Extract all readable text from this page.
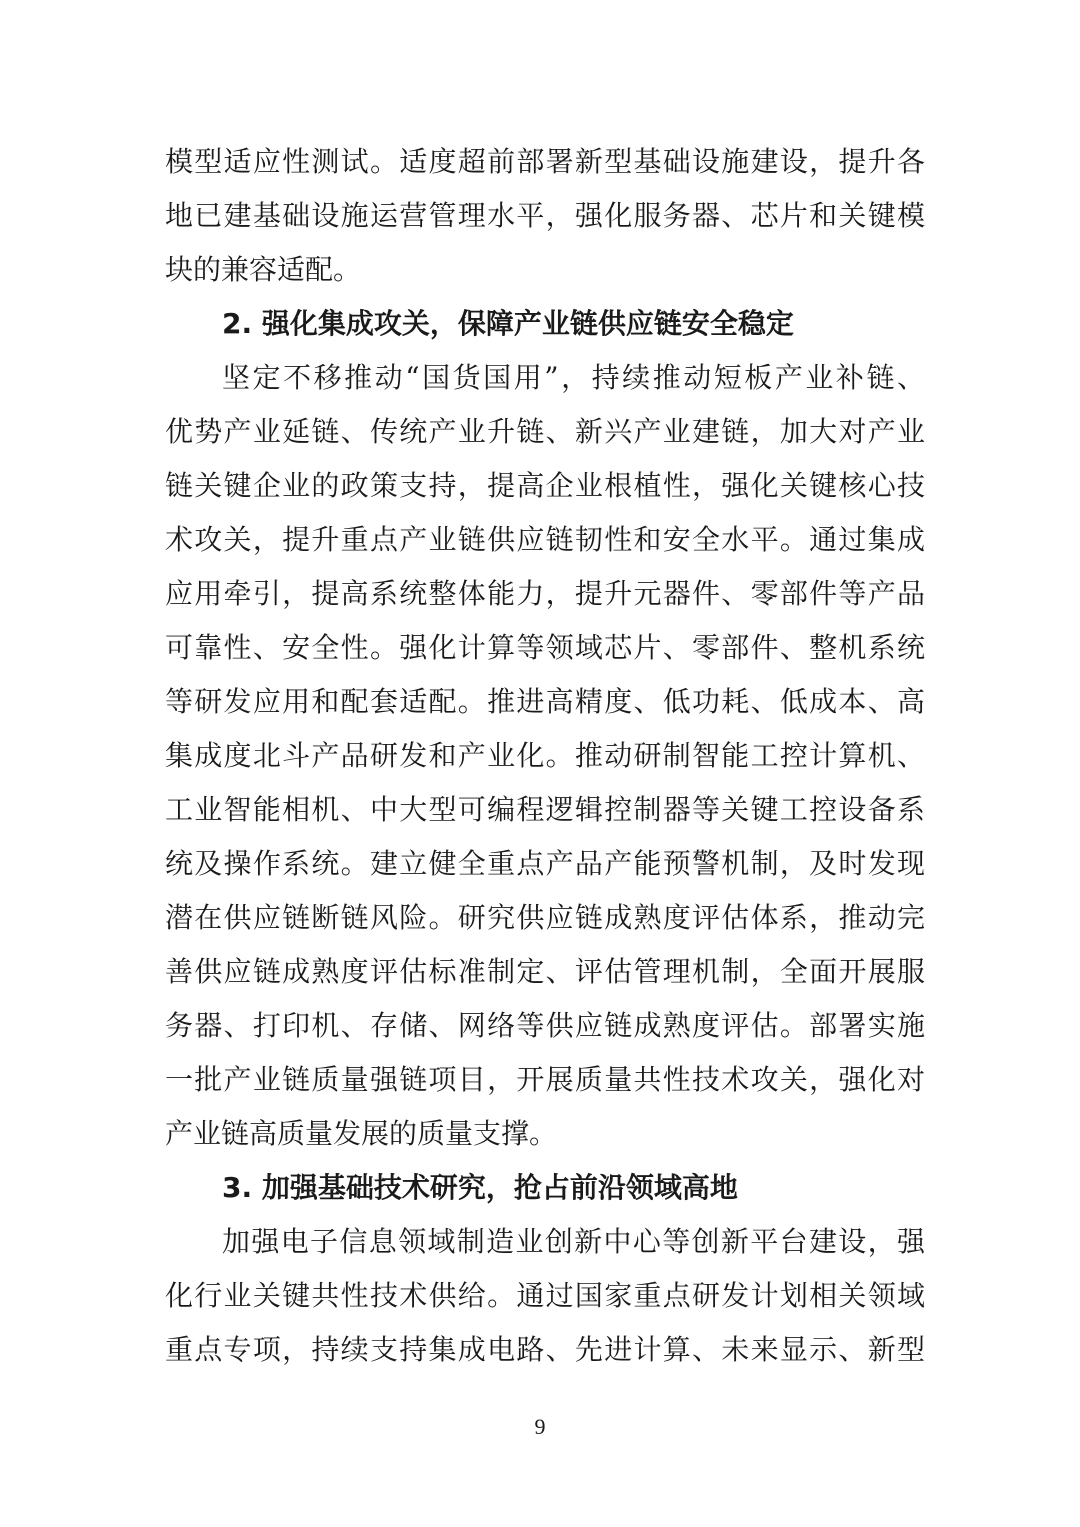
模型适应性测试。适度超前部署新型基础设施建设，提升各
地已建基础设施运营管理水平，强化服务器、芯片和关键模
块的兼容适配。
2. 强化集成攻关，保障产业链供应链安全稳定
坚定不移推动“国货国用”，持续推动短板产业补链、
优势产业延链、传统产业升链、新兴产业建链，加大对产业
链关键企业的政策支持，提高企业根植性，强化关键核心技
术攻关，提升重点产业链供应链韧性和安全水平。通过集成
应用牵引，提高系统整体能力，提升元器件、零部件等产品
可靠性、安全性。强化计算等领域芯片、零部件、整机系统
等研发应用和配套适配。推进高精度、低功耗、低成本、高
集成度北斗产品研发和产业化。推动研制智能工控计算机、
工业智能相机、中大型可编程逻辑控制器等关键工控设备系
统及操作系统。建立健全重点产品产能预警机制，及时发现
潜在供应链断链风险。研究供应链成熟度评估体系，推动完
善供应链成熟度评估标准制定、评估管理机制，全面开展服
务器、打印机、存储、网络等供应链成熟度评估。部署实施
一批产业链质量强链项目，开展质量共性技术攻关，强化对
产业链高质量发展的质量支撑。
3. 加强基础技术研究，抢占前沿领域高地
加强电子信息领域制造业创新中心等创新平台建设，强
化行业关键共性技术供给。通过国家重点研发计划相关领域
重点专项，持续支持集成电路、先进计算、未来显示、新型
9
大数跨境
